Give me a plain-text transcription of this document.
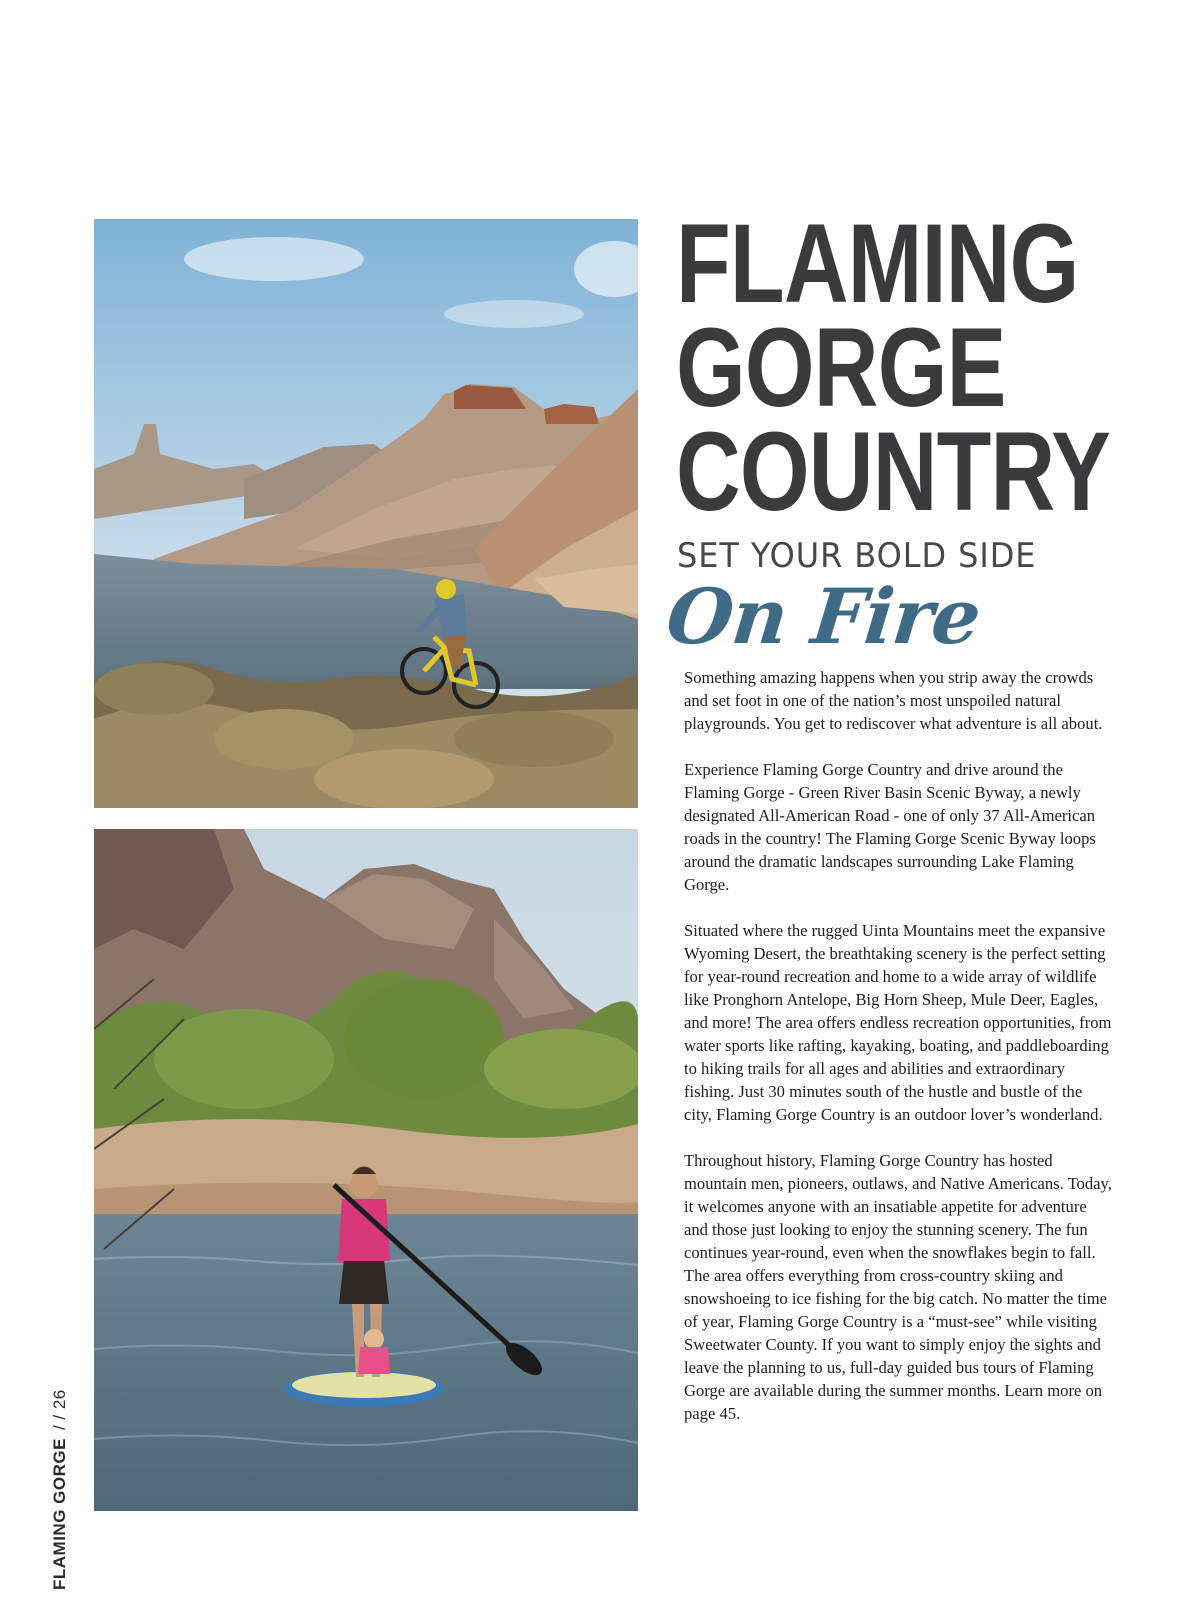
FLAMING
GORGE
COUNTRY
SET YOUR BOLD SIDE
On Fire

Something amazing happens when you strip away the crowds and set foot in one of the nation’s most unspoiled natural playgrounds. You get to rediscover what adventure is all about.

Experience Flaming Gorge Country and drive around the Flaming Gorge - Green River Basin Scenic Byway, a newly designated All-American Road - one of only 37 All-American roads in the country! The Flaming Gorge Scenic Byway loops around the dramatic landscapes surrounding Lake Flaming Gorge.

Situated where the rugged Uinta Mountains meet the expansive Wyoming Desert, the breathtaking scenery is the perfect setting for year-round recreation and home to a wide array of wildlife like Pronghorn Antelope, Big Horn Sheep, Mule Deer, Eagles, and more! The area offers endless recreation opportunities, from water sports like rafting, kayaking, boating, and paddleboarding to hiking trails for all ages and abilities and extraordinary fishing. Just 30 minutes south of the hustle and bustle of the city, Flaming Gorge Country is an outdoor lover’s wonderland.

Throughout history, Flaming Gorge Country has hosted mountain men, pioneers, outlaws, and Native Americans. Today, it welcomes anyone with an insatiable appetite for adventure and those just looking to enjoy the stunning scenery. The fun continues year-round, even when the snowflakes begin to fall. The area offers everything from cross-country skiing and snowshoeing to ice fishing for the big catch. No matter the time of year, Flaming Gorge Country is a “must-see” while visiting Sweetwater County. If you want to simply enjoy the sights and leave the planning to us, full-day guided bus tours of Flaming Gorge are available during the summer months. Learn more on page 45.

FLAMING GORGE/ / 26
